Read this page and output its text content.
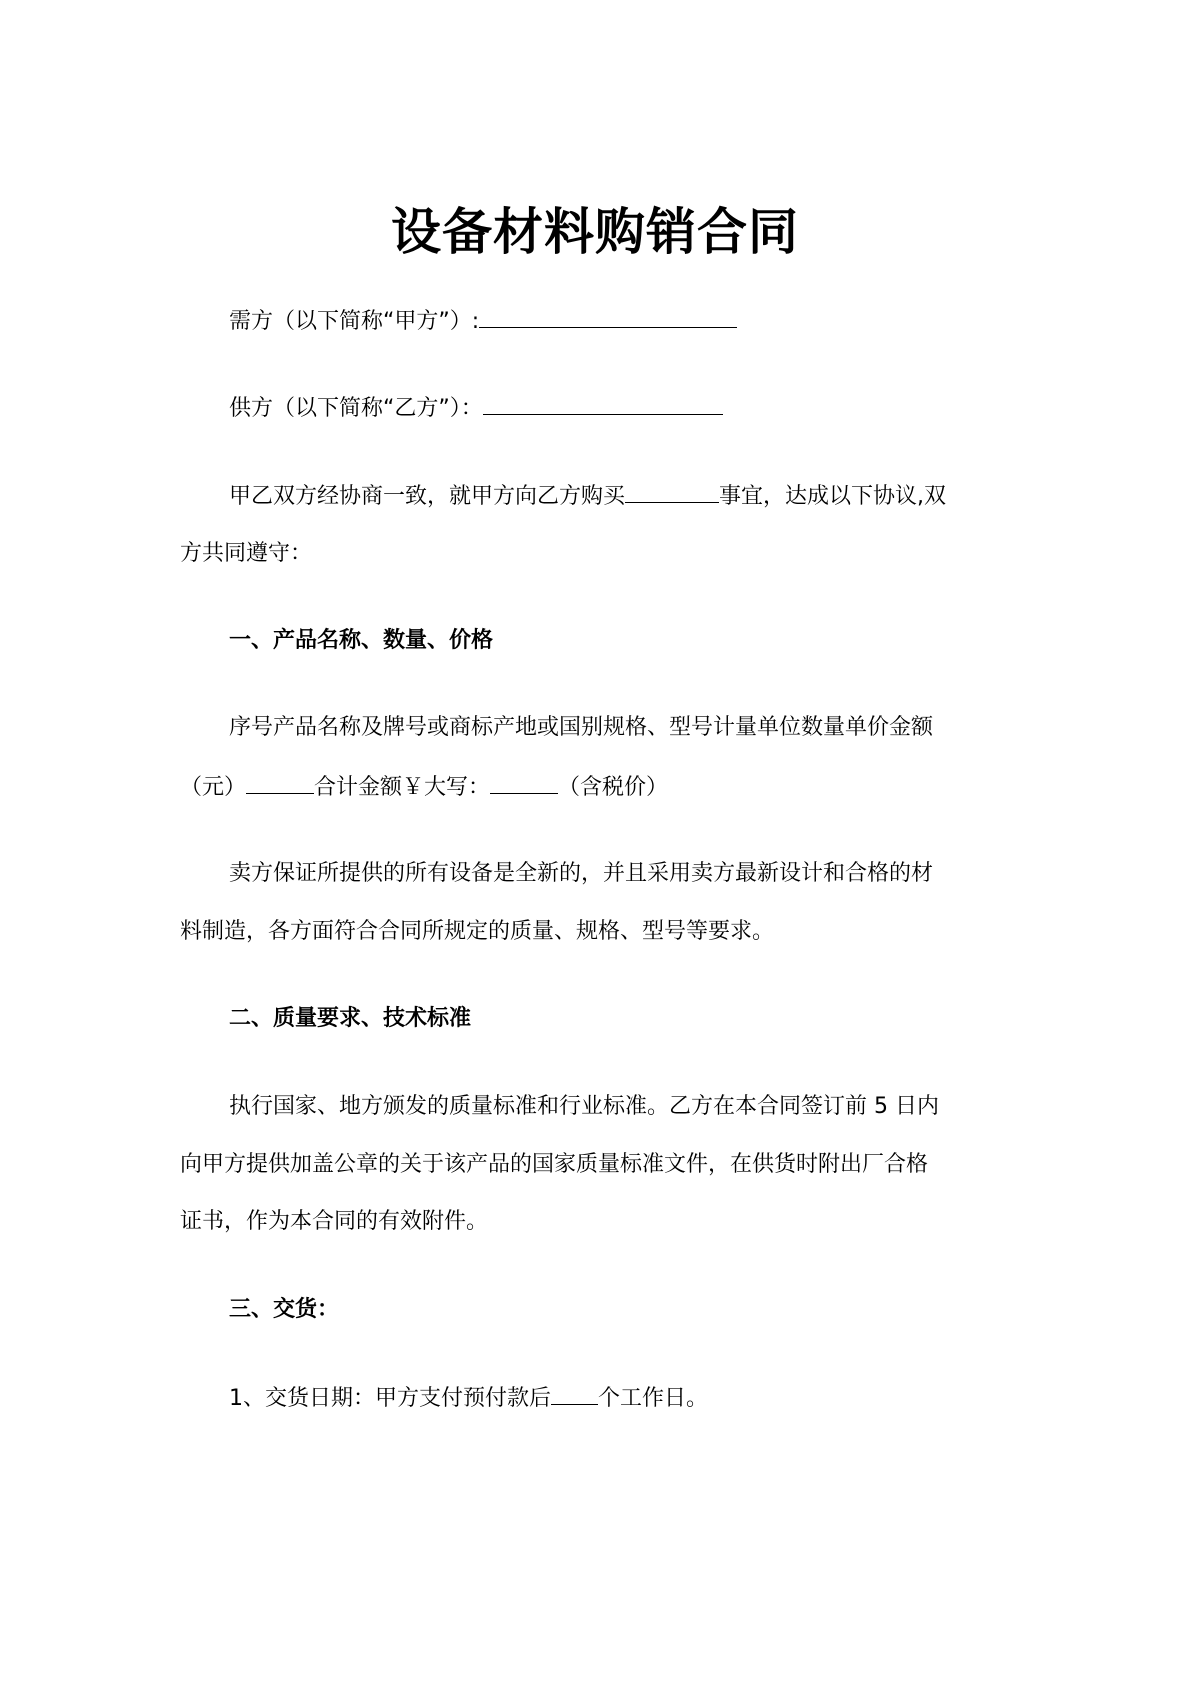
设备材料购销合同
需方（以下简称“甲方”）:
供方（以下简称“乙方”）：
甲乙双方经协商一致，就甲方向乙方购买	事宜，达成以下协议,双
方共同遵守：
一、产品名称、数量、价格
序号产品名称及牌号或商标产地或国别规格、型号计量单位数量单价金额
（元）	合计金额￥大写：	（含税价）
卖方保证所提供的所有设备是全新的，并且采用卖方最新设计和合格的材
料制造，各方面符合合同所规定的质量、规格、型号等要求。
二、质量要求、技术标准
执行国家、地方颁发的质量标准和行业标准。乙方在本合同签订前 5 日内
向甲方提供加盖公章的关于该产品的国家质量标准文件，在供货时附出厂合格
证书，作为本合同的有效附件。
三、交货：
1、交货日期：甲方支付预付款后 个工作日。
